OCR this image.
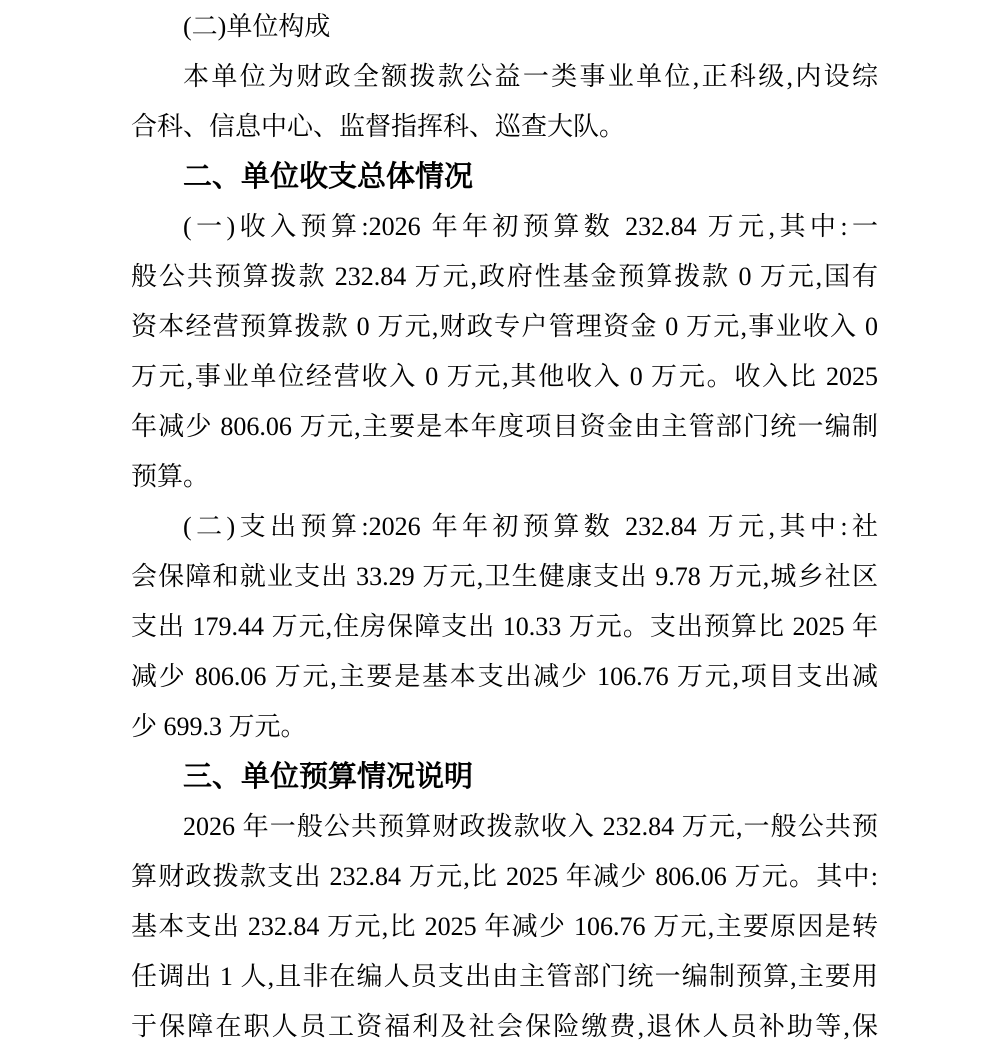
(二)单位构成
本单位为财政全额拨款公益一类事业单位,正科级,内设综
合科、信息中心、监督指挥科、巡查大队。
二、单位收支总体情况
(一)收入预算:2026 年年初预算数 232.84 万元,其中:一
般公共预算拨款 232.84 万元,政府性基金预算拨款 0 万元,国有
资本经营预算拨款 0 万元,财政专户管理资金 0 万元,事业收入 0
万元,事业单位经营收入 0 万元,其他收入 0 万元。收入比 2025
年减少 806.06 万元,主要是本年度项目资金由主管部门统一编制
预算。
(二)支出预算:2026 年年初预算数 232.84 万元,其中:社
会保障和就业支出 33.29 万元,卫生健康支出 9.78 万元,城乡社区
支出 179.44 万元,住房保障支出 10.33 万元。支出预算比 2025 年
减少 806.06 万元,主要是基本支出减少 106.76 万元,项目支出减
少 699.3 万元。
三、单位预算情况说明
2026 年一般公共预算财政拨款收入 232.84 万元,一般公共预
算财政拨款支出 232.84 万元,比 2025 年减少 806.06 万元。其中:
基本支出 232.84 万元,比 2025 年减少 106.76 万元,主要原因是转
任调出 1 人,且非在编人员支出由主管部门统一编制预算,主要用
于保障在职人员工资福利及社会保险缴费,退休人员补助等,保
